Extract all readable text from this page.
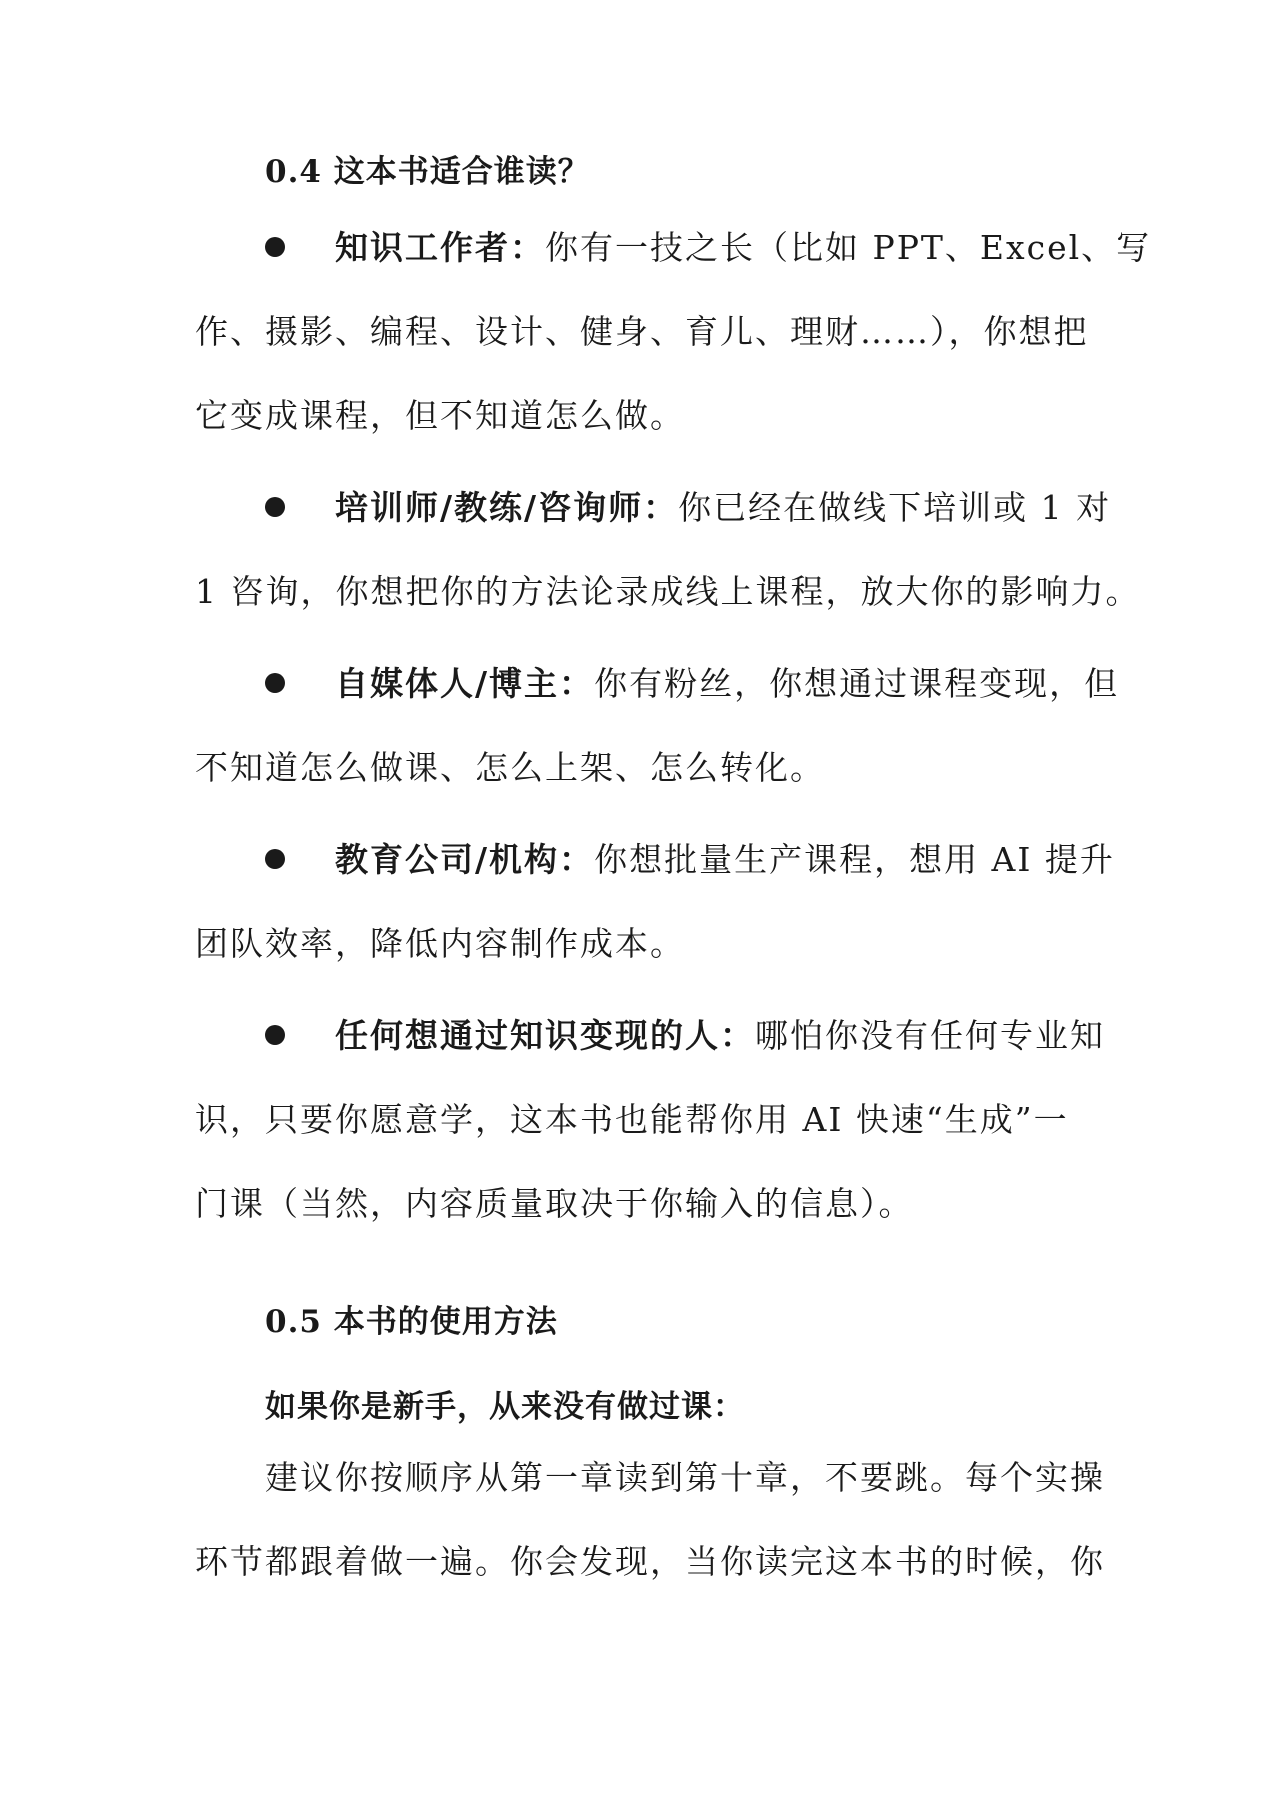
0.4 这本书适合谁读？
知识工作者：你有一技之长（比如 PPT、Excel、写
作、摄影、编程、设计、健身、育儿、理财……），你想把
它变成课程，但不知道怎么做。
培训师/教练/咨询师：你已经在做线下培训或 1 对
1 咨询，你想把你的方法论录成线上课程，放大你的影响力。
自媒体人/博主：你有粉丝，你想通过课程变现，但
不知道怎么做课、怎么上架、怎么转化。
教育公司/机构：你想批量生产课程，想用 AI 提升
团队效率，降低内容制作成本。
任何想通过知识变现的人：哪怕你没有任何专业知
识，只要你愿意学，这本书也能帮你用 AI 快速“生成”一
门课（当然，内容质量取决于你输入的信息）。
0.5 本书的使用方法
如果你是新手，从来没有做过课：
建议你按顺序从第一章读到第十章，不要跳。每个实操
环节都跟着做一遍。你会发现，当你读完这本书的时候，你
